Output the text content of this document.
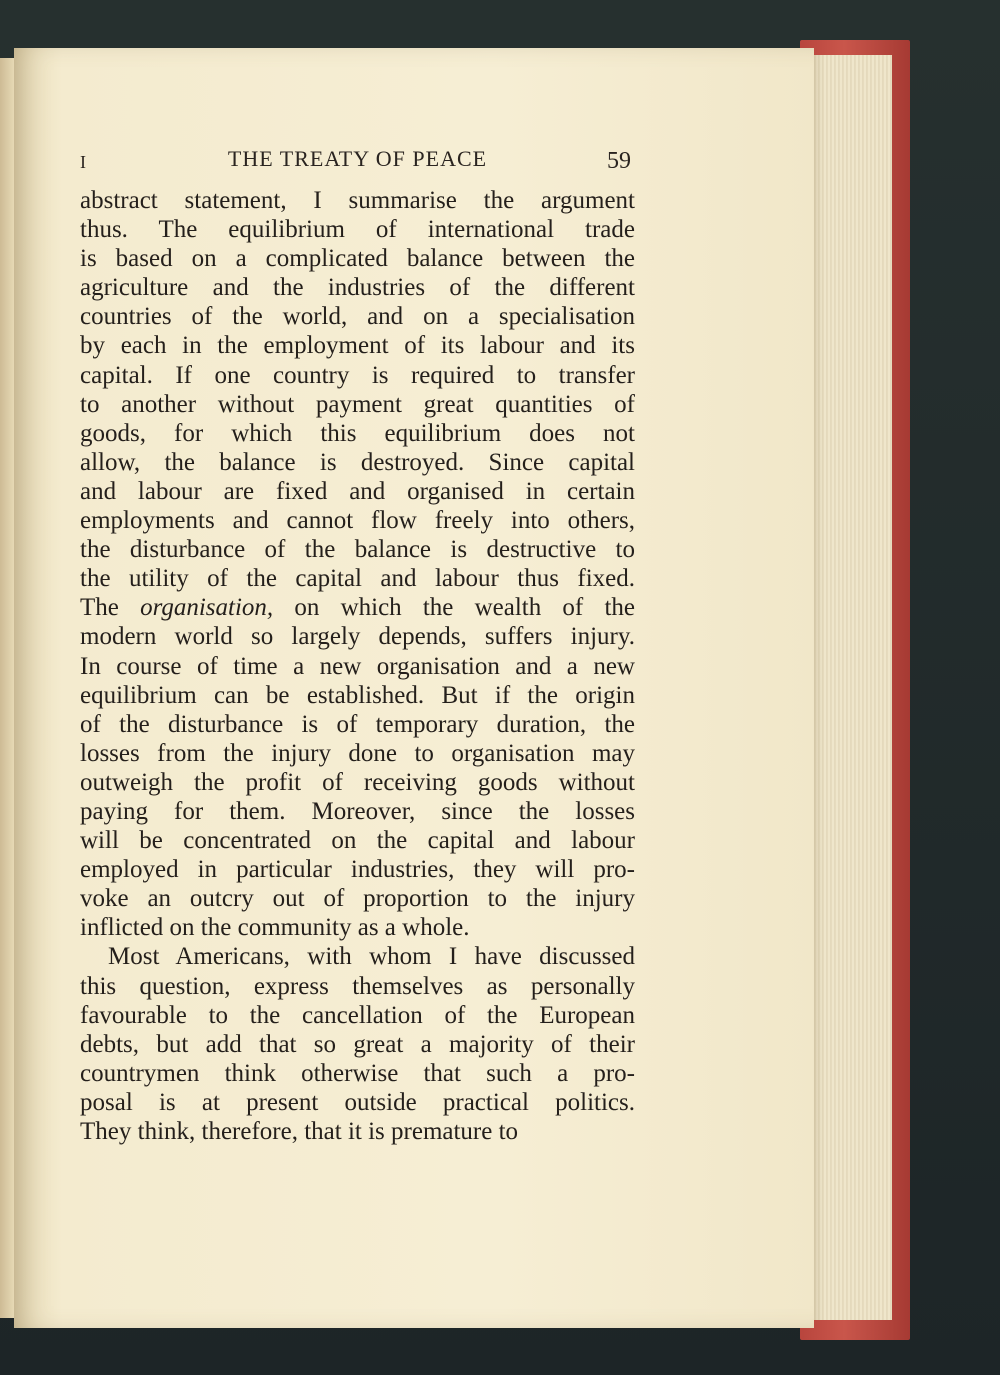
I	THE TREATY OF PEACE	59
abstract statement, I summarise the argument
thus. The equilibrium of international trade
is based on a complicated balance between the
agriculture and the industries of the different
countries of the world, and on a specialisation
by each in the employment of its labour and its
capital. If one country is required to transfer
to another without payment great quantities of
goods, for which this equilibrium does not
allow, the balance is destroyed. Since capital
and labour are fixed and organised in certain
employments and cannot flow freely into others,
the disturbance of the balance is destructive to
the utility of the capital and labour thus fixed.
The organisation, on which the wealth of the
modern world so largely depends, suffers injury.
In course of time a new organisation and a new
equilibrium can be established. But if the origin
of the disturbance is of temporary duration, the
losses from the injury done to organisation may
outweigh the profit of receiving goods without
paying for them. Moreover, since the losses
will be concentrated on the capital and labour
employed in particular industries, they will pro-
voke an outcry out of proportion to the injury
inflicted on the community as a whole.
Most Americans, with whom I have discussed
this question, express themselves as personally
favourable to the cancellation of the European
debts, but add that so great a majority of their
countrymen think otherwise that such a pro-
posal is at present outside practical politics.
They think, therefore, that it is premature to
